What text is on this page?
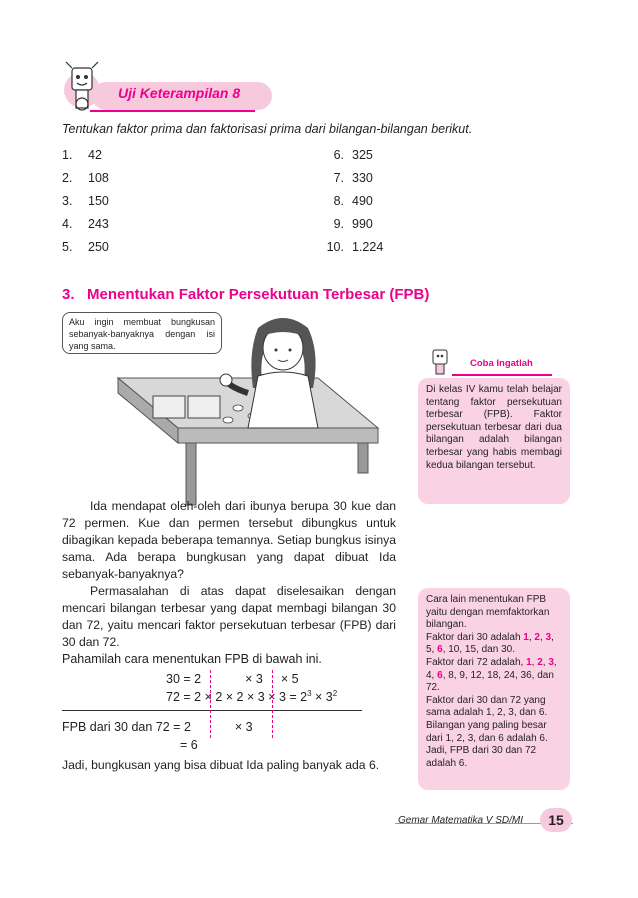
Uji Keterampilan 8
Tentukan faktor prima dan faktorisasi prima dari bilangan-bilangan berikut.
1. 42
2. 108
3. 150
4. 243
5. 250
6. 325
7. 330
8. 490
9. 990
10. 1.224
3.   Menentukan Faktor Persekutuan Terbesar (FPB)
Aku ingin membuat bungkusan sebanyak-banyaknya dengan isi yang sama.
Coba Ingatlah
Di kelas IV kamu telah belajar tentang faktor persekutuan terbesar (FPB). Faktor persekutuan terbesar dari dua bilangan adalah bilangan terbesar yang habis membagi kedua bilangan tersebut.
Ida mendapat oleh-oleh dari ibunya berupa 30 kue dan 72 permen. Kue dan permen tersebut dibungkus untuk dibagikan kepada beberapa temannya. Setiap bungkus isinya sama. Ada berapa bungkusan yang dapat dibuat Ida sebanyak-banyaknya?
Permasalahan di atas dapat diselesaikan dengan mencari bilangan terbesar yang dapat membagi bilangan 30 dan 72, yaitu mencari faktor persekutuan terbesar (FPB) dari 30 dan 72.
Pahamilah cara menentukan FPB di bawah ini.
30 = 2	× 3 × 5
$72 = 2 \times 2 \times 2 \times 3 \times 3 = 2^3 \times 3^2$
FPB dari 30 dan 72 = 2	× 3
= 6
Jadi, bungkusan yang bisa dibuat Ida paling banyak ada 6.
Cara lain menentukan FPB yaitu dengan memfaktorkan bilangan.
Faktor dari 30 adalah 1, 2, 3, 5, 6, 10, 15, dan 30.
Faktor dari 72 adalah, 1, 2, 3, 4, 6, 8, 9, 12, 18, 24, 36, dan 72.
Faktor dari 30 dan 72 yang sama adalah 1, 2, 3, dan 6.
Bilangan yang paling besar dari 1, 2, 3, dan 6 adalah 6.
Jadi, FPB dari 30 dan 72 adalah 6.
Gemar Matematika V SD/MI	15
